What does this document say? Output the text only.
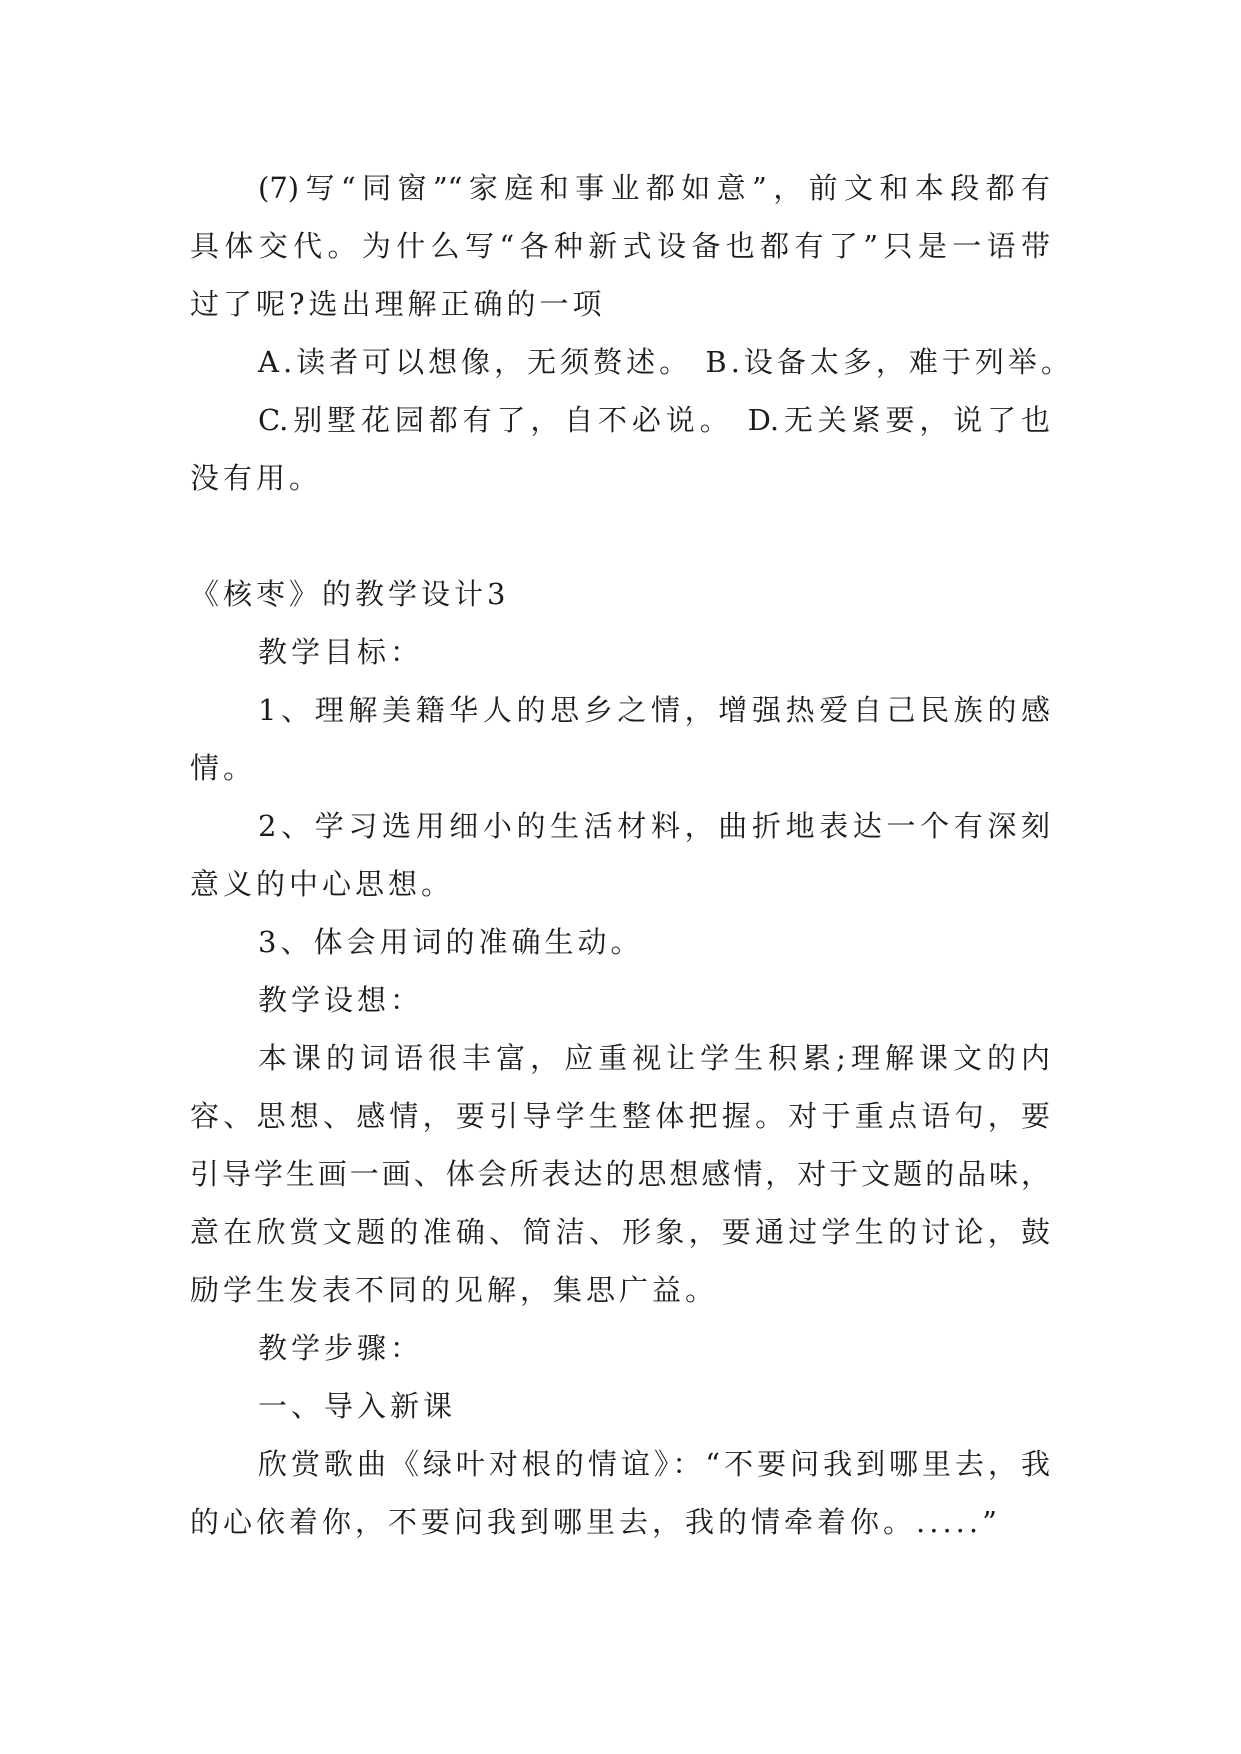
(7)写“同窗”“家庭和事业都如意”，前文和本段都有
具体交代。为什么写“各种新式设备也都有了”只是一语带
过了呢?选出理解正确的一项
A.读者可以想像，无须赘述。 B.设备太多，难于列举。
C.别墅花园都有了，自不必说。 D.无关紧要，说了也
没有用。
《核枣》的教学设计3
教学目标：
1、理解美籍华人的思乡之情，增强热爱自己民族的感
情。
2、学习选用细小的生活材料，曲折地表达一个有深刻
意义的中心思想。
3、体会用词的准确生动。
教学设想：
本课的词语很丰富，应重视让学生积累;理解课文的内
容、思想、感情，要引导学生整体把握。对于重点语句，要
引导学生画一画、体会所表达的思想感情，对于文题的品味，
意在欣赏文题的准确、简洁、形象，要通过学生的讨论，鼓
励学生发表不同的见解，集思广益。
教学步骤：
一、导入新课
欣赏歌曲《绿叶对根的情谊》：“不要问我到哪里去，我
的心依着你，不要问我到哪里去，我的情牵着你。.....”
